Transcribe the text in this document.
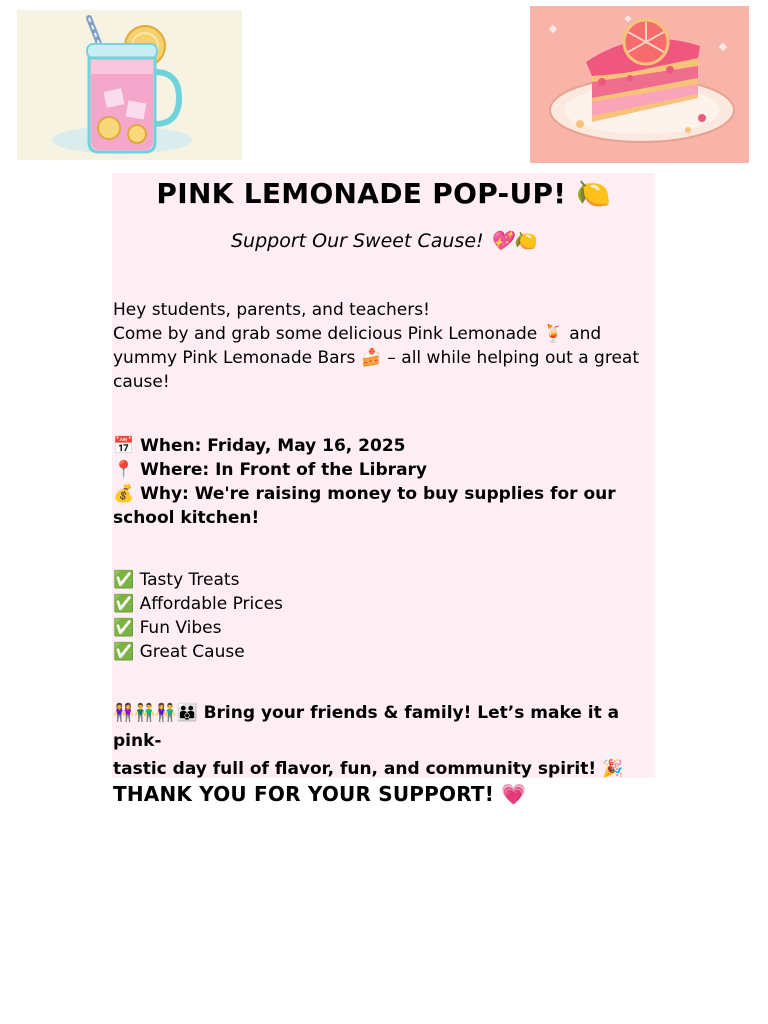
PINK LEMONADE POP-UP! 🍋

Support Our Sweet Cause! 💖🍋

Hey students, parents, and teachers!
Come by and grab some delicious Pink Lemonade 🍹 and
yummy Pink Lemonade Bars 🍰 – all while helping out a great
cause!

📅 When: Friday, May 16, 2025
📍 Where: In Front of the Library
💰 Why: We're raising money to buy supplies for our
school kitchen!

✅ Tasty Treats
✅ Affordable Prices
✅ Fun Vibes
✅ Great Cause

👭👬👫👪 Bring your friends & family! Let’s make it a pink-
tastic day full of flavor, fun, and community spirit! 🎉

THANK YOU FOR YOUR SUPPORT! 💗
